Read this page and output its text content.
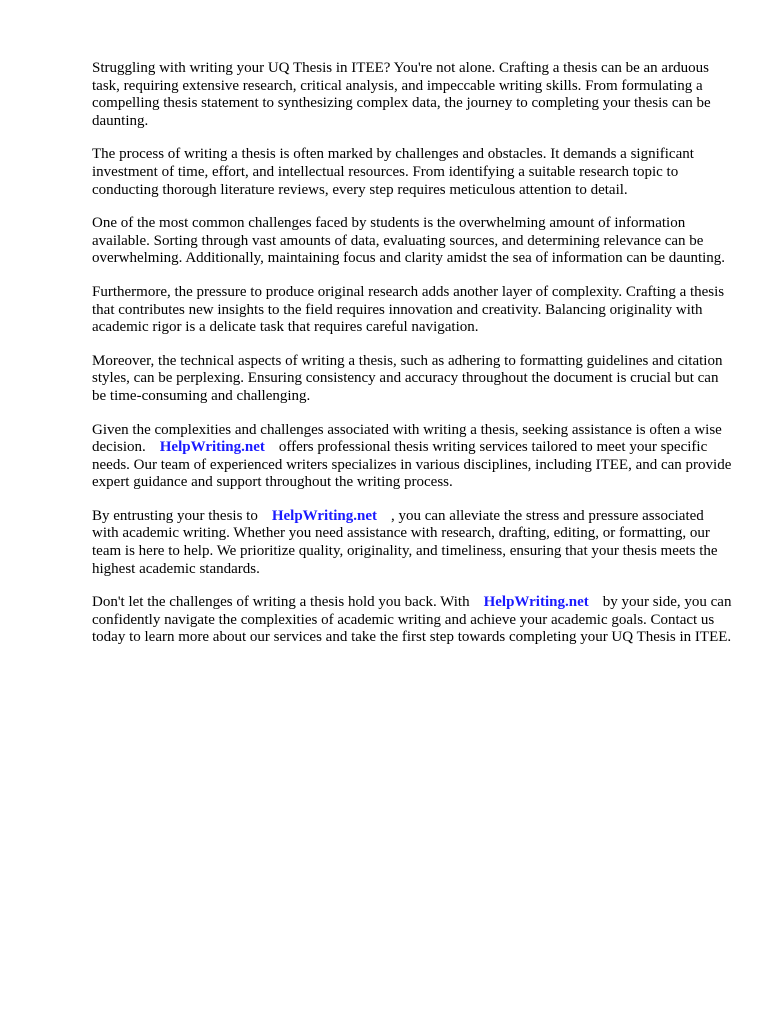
Struggling with writing your UQ Thesis in ITEE? You're not alone. Crafting a thesis can be an arduous task, requiring extensive research, critical analysis, and impeccable writing skills. From formulating a compelling thesis statement to synthesizing complex data, the journey to completing your thesis can be daunting.

The process of writing a thesis is often marked by challenges and obstacles. It demands a significant investment of time, effort, and intellectual resources. From identifying a suitable research topic to conducting thorough literature reviews, every step requires meticulous attention to detail.

One of the most common challenges faced by students is the overwhelming amount of information available. Sorting through vast amounts of data, evaluating sources, and determining relevance can be overwhelming. Additionally, maintaining focus and clarity amidst the sea of information can be daunting.

Furthermore, the pressure to produce original research adds another layer of complexity. Crafting a thesis that contributes new insights to the field requires innovation and creativity. Balancing originality with academic rigor is a delicate task that requires careful navigation.

Moreover, the technical aspects of writing a thesis, such as adhering to formatting guidelines and citation styles, can be perplexing. Ensuring consistency and accuracy throughout the document is crucial but can be time-consuming and challenging.

Given the complexities and challenges associated with writing a thesis, seeking assistance is often a wise decision. HelpWriting.net offers professional thesis writing services tailored to meet your specific needs. Our team of experienced writers specializes in various disciplines, including ITEE, and can provide expert guidance and support throughout the writing process.

By entrusting your thesis to HelpWriting.net , you can alleviate the stress and pressure associated with academic writing. Whether you need assistance with research, drafting, editing, or formatting, our team is here to help. We prioritize quality, originality, and timeliness, ensuring that your thesis meets the highest academic standards.

Don't let the challenges of writing a thesis hold you back. With HelpWriting.net by your side, you can confidently navigate the complexities of academic writing and achieve your academic goals. Contact us today to learn more about our services and take the first step towards completing your UQ Thesis in ITEE.
